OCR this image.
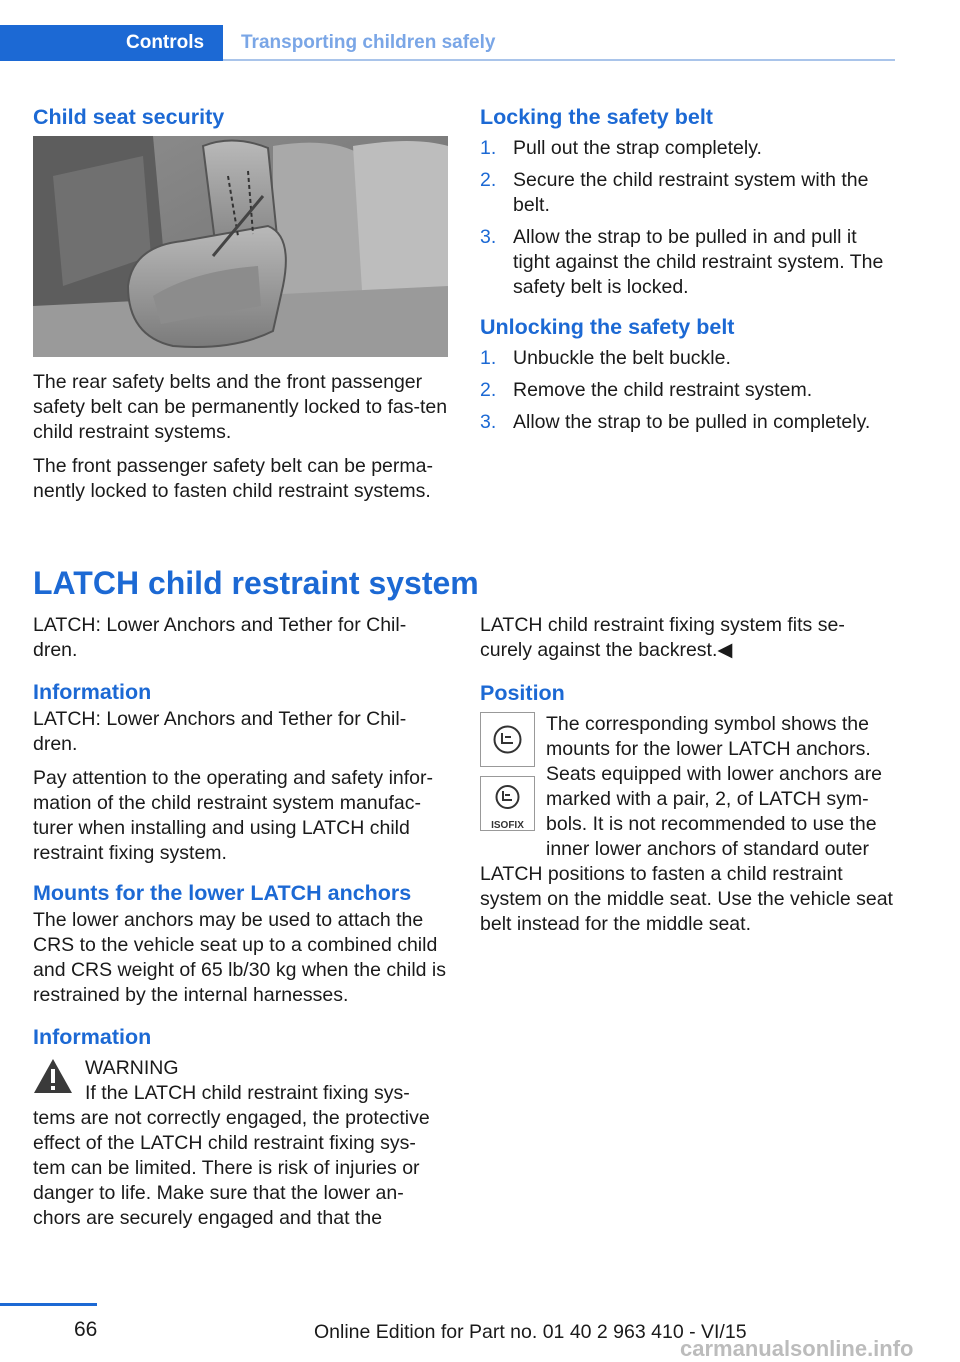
Controls Transporting children safely
Child seat security

The rear safety belts and the front passenger safety belt can be permanently locked to fas-ten child restraint systems.

The front passenger safety belt can be perma-nently locked to fasten child restraint systems.

Locking the safety belt
1. Pull out the strap completely.
2. Secure the child restraint system with the belt.
3. Allow the strap to be pulled in and pull it tight against the child restraint system. The safety belt is locked.
Unlocking the safety belt
1. Unbuckle the belt buckle.
2. Remove the child restraint system.
3. Allow the strap to be pulled in completely.
LATCH child restraint system

LATCH: Lower Anchors and Tether for Chil-dren.

Information

LATCH: Lower Anchors and Tether for Chil-dren.

Pay attention to the operating and safety infor-mation of the child restraint system manufac-turer when installing and using LATCH child restraint fixing system.

Mounts for the lower LATCH anchors

The lower anchors may be used to attach the CRS to the vehicle seat up to a combined child and CRS weight of 65 lb/30 kg when the child is restrained by the internal harnesses.

Information
WARNING
If the LATCH child restraint fixing sys-tems are not correctly engaged, the protective effect of the LATCH child restraint fixing sys-tem can be limited. There is risk of injuries or danger to life. Make sure that the lower an-chors are securely engaged and that the

LATCH child restraint fixing system fits se-curely against the backrest.◀

Position
ISOFIX
The corresponding symbol shows the mounts for the lower LATCH anchors. Seats equipped with lower anchors are marked with a pair, 2, of LATCH sym-bols. It is not recommended to use the inner lower anchors of standard outer
LATCH positions to fasten a child restraint system on the middle seat. Use the vehicle seat belt instead for the middle seat.
66	Online Edition for Part no. 01 40 2 963 410 - VI/15
carmanualsonline.info
